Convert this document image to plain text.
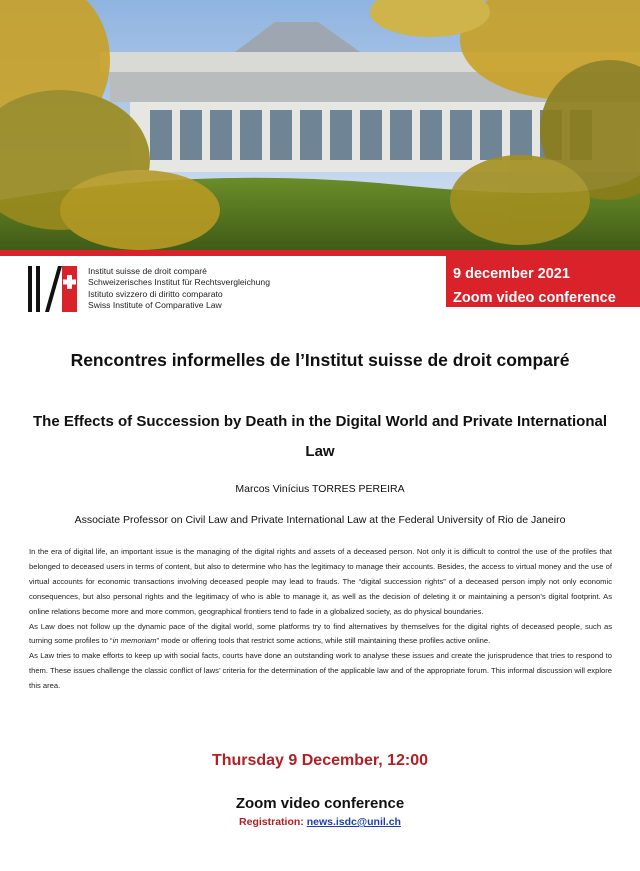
Institut suisse de droit comparé
Schweizerisches Institut für Rechtsvergleichung
Istituto svizzero di diritto comparato
Swiss Institute of Comparative Law
9 december 2021
Zoom video conference
Rencontres informelles de l’Institut suisse de droit comparé
The Effects of Succession by Death in the Digital World and Private International
Law
Marcos Vinícius TORRES PEREIRA
Associate Professor on Civil Law and Private International Law at the Federal University of Rio de Janeiro

In the era of digital life, an important issue is the managing of the digital rights and assets of a deceased person. Not only it is difficult to control the use of the profiles that belonged to deceased users in terms of content, but also to determine who has the legitimacy to manage their accounts. Besides, the access to virtual money and the use of virtual accounts for economic transactions involving deceased people may lead to frauds. The “digital succession rights” of a deceased person imply not only economic consequences, but also personal rights and the legitimacy of who is able to manage it, as well as the decision of deleting it or maintaining a person’s digital footprint. As online relations become more and more common, geographical frontiers tend to fade in a globalized society, as do physical boundaries.

As Law does not follow up the dynamic pace of the digital world, some platforms try to find alternatives by themselves for the digital rights of deceased people, such as turning some profiles to “in memoriam” mode or offering tools that restrict some actions, while still maintaining these profiles active online.

As Law tries to make efforts to keep up with social facts, courts have done an outstanding work to analyse these issues and create the jurisprudence that tries to respond to them. These issues challenge the classic conflict of laws’ criteria for the determination of the applicable law and of the appropriate forum. This informal discussion will explore this area.

Thursday 9 December, 12:00
Zoom video conference
Registration: news.isdc@unil.ch
